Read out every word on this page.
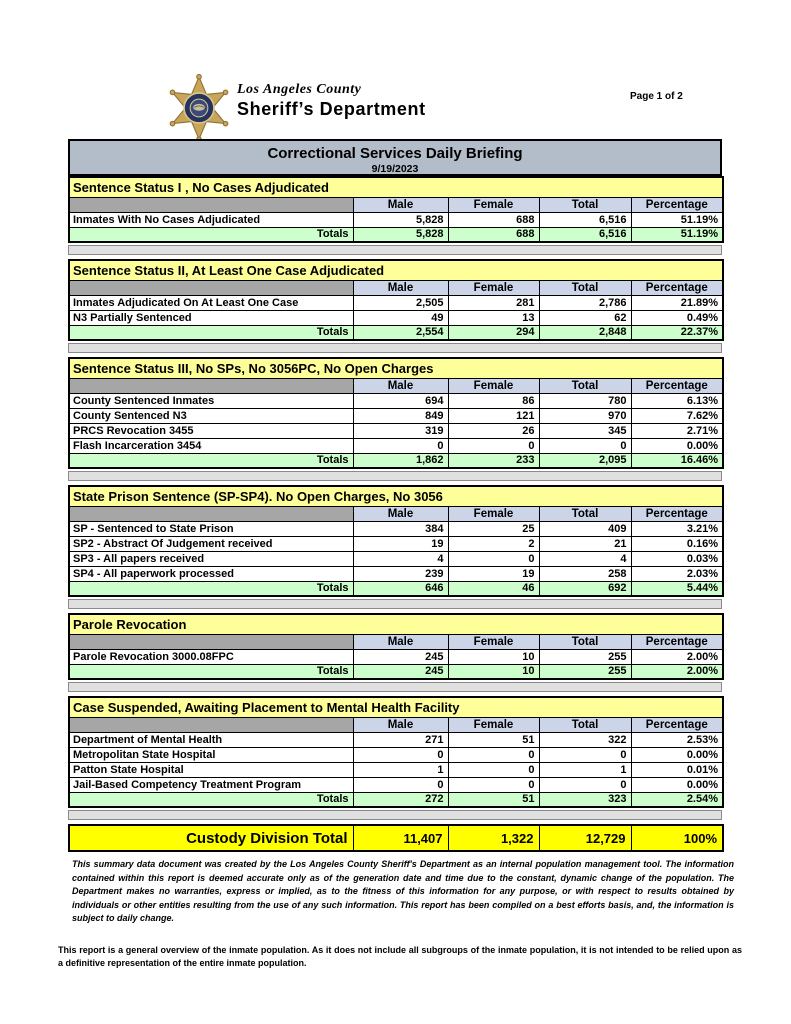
Los Angeles County
Sheriff’s Department
Page 1 of 2
Correctional Services Daily Briefing
9/19/2023
Sentence Status I , No Cases Adjudicated				
	Male	Female	Total	Percentage
Inmates With No Cases Adjudicated	5,828	688	6,516	51.19%
Totals	5,828	688	6,516	51.19%
Sentence Status II, At Least One Case Adjudicated				
	Male	Female	Total	Percentage
Inmates Adjudicated On At Least One Case	2,505	281	2,786	21.89%
N3 Partially Sentenced	49	13	62	0.49%
Totals	2,554	294	2,848	22.37%
Sentence Status III, No SPs, No 3056PC, No Open Charges				
	Male	Female	Total	Percentage
County Sentenced Inmates	694	86	780	6.13%
County Sentenced N3	849	121	970	7.62%
PRCS Revocation 3455	319	26	345	2.71%
Flash Incarceration 3454	0	0	0	0.00%
Totals	1,862	233	2,095	16.46%
State Prison Sentence (SP-SP4). No Open Charges, No 3056				
	Male	Female	Total	Percentage
SP - Sentenced to State Prison	384	25	409	3.21%
SP2 - Abstract Of Judgement received	19	2	21	0.16%
SP3 - All papers received	4	0	4	0.03%
SP4 - All paperwork processed	239	19	258	2.03%
Totals	646	46	692	5.44%
Parole Revocation				
	Male	Female	Total	Percentage
Parole Revocation 3000.08FPC	245	10	255	2.00%
Totals	245	10	255	2.00%
Case Suspended, Awaiting Placement to Mental Health Facility				
	Male	Female	Total	Percentage
Department of Mental Health	271	51	322	2.53%
Metropolitan State Hospital	0	0	0	0.00%
Patton State Hospital	1	0	1	0.01%
Jail-Based Competency Treatment Program	0	0	0	0.00%
Totals	272	51	323	2.54%
Custody Division Total	11,407	1,322	12,729	100%
This summary data document was created by the Los Angeles County Sheriff's Department as an internal population management tool. The information contained within this report is deemed accurate only as of the generation date and time due to the constant, dynamic change of the population. The Department makes no warranties, express or implied, as to the fitness of this information for any purpose, or with respect to results obtained by individuals or other entities resulting from the use of any such information. This report has been compiled on a best efforts basis, and, the information is subject to daily change.
This report is a general overview of the inmate population. As it does not include all subgroups of the inmate population, it is not intended to be relied upon as a definitive representation of the entire inmate population.
